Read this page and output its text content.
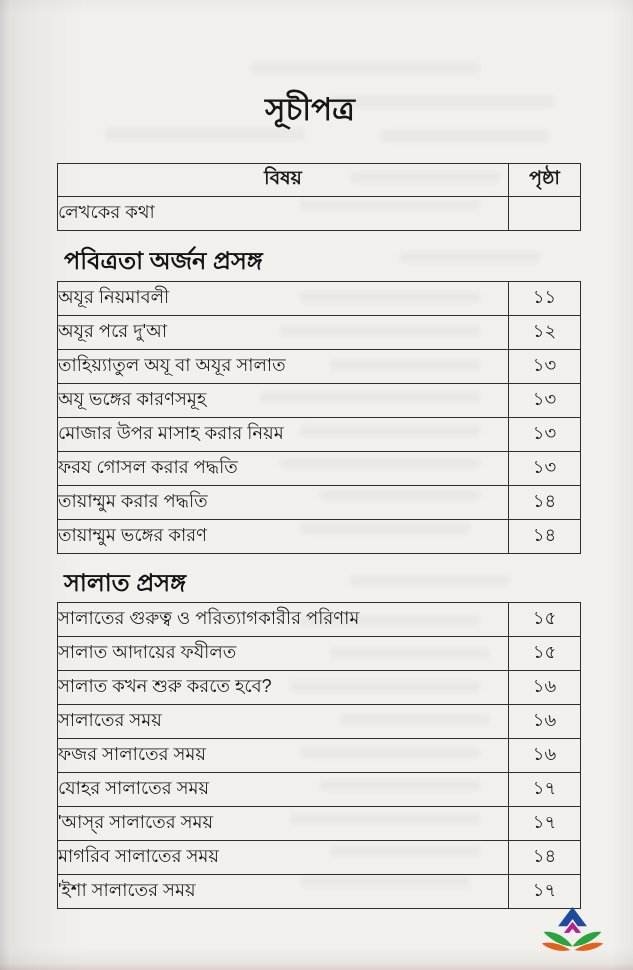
সূচীপত্র
বিষয়	পৃষ্ঠা
লেখকের কথা	
পবিত্রতা অর্জন প্রসঙ্গ
অযূর নিয়মাবলী	১১
অযূর পরে দু'আ	১২
তাহিয়্যাতুল অযূ বা অযূর সালাত	১৩
অযূ ভঙ্গের কারণসমূহ	১৩
মোজার উপর মাসাহ করার নিয়ম	১৩
ফরয গোসল করার পদ্ধতি	১৩
তায়াম্মুম করার পদ্ধতি	১৪
তায়াম্মুম ভঙ্গের কারণ	১৪
সালাত প্রসঙ্গ
সালাতের গুরুত্ব ও পরিত্যাগকারীর পরিণাম	১৫
সালাত আদায়ের ফযীলত	১৫
সালাত কখন শুরু করতে হবে?	১৬
সালাতের সময়	১৬
ফজর সালাতের সময়	১৬
যোহর সালাতের সময়	১৭
'আস্‌র সালাতের সময়	১৭
মাগরিব সালাতের সময়	১৪
'ইশা সালাতের সময়	১৭
